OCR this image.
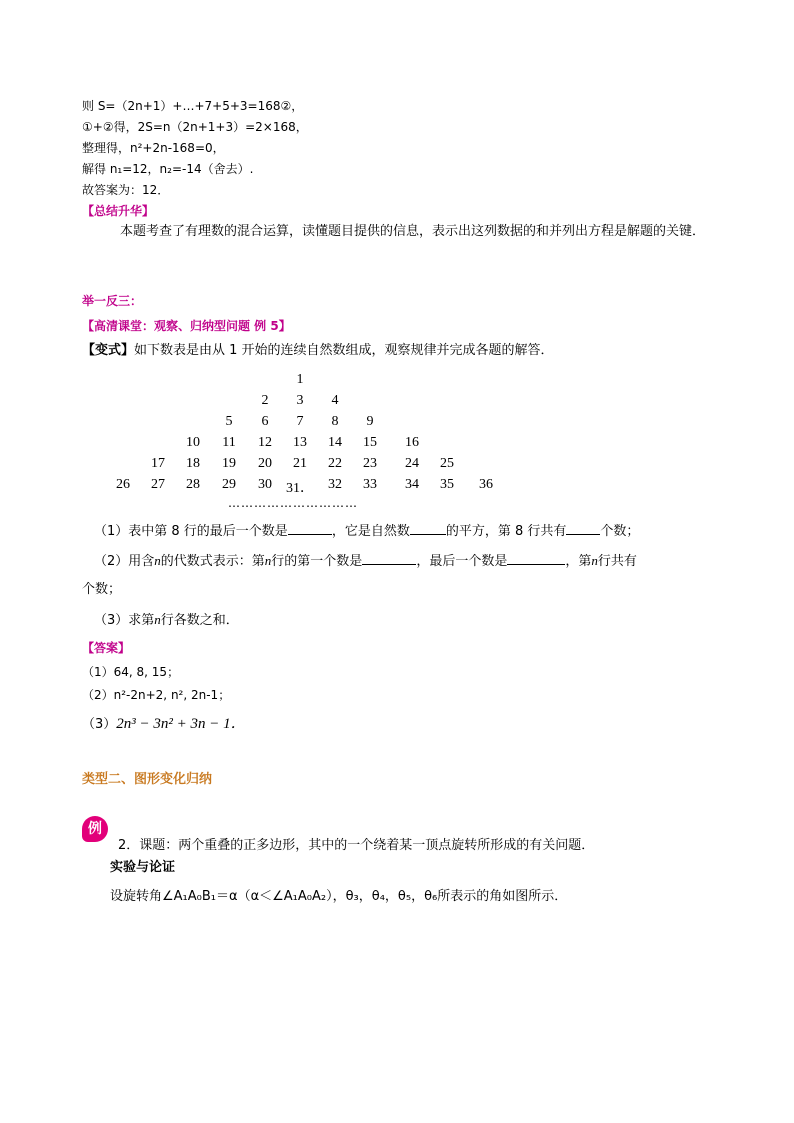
则 S=（2n+1）+…+7+5+3=168②，
①+②得，2S=n（2n+1+3）=2×168，
整理得，n²+2n-168=0，
解得 n₁=12，n₂=-14（舍去）.
故答案为：12．
【总结升华】
本题考查了有理数的混合运算，读懂题目提供的信息，表示出这列数据的和并列出方程是解题的关键．
举一反三：
【高清课堂：观察、归纳型问题 例 5】
【变式】如下数表是由从 1 开始的连续自然数组成，观察规律并完成各题的解答．
1
2	3	4
5	6	7	8	9
10	11	12	13	14	15	16
17	18	19	20	21	22	23	24	25
26	27	28	29	30	31．	32	33	34	35	36
…………………………
（1）表中第 8 行的最后一个数是	，它是自然数	的平方，第 8 行共有	个数；
（2）用含n的代数式表示：第n行的第一个数是	，最后一个数是	，第n行共有
个数；
（3）求第n行各数之和．
【答案】
（1）64, 8, 15；
（2）n²-2n+2, n², 2n-1；
（3）2n³ − 3n² + 3n − 1．
类型二、图形变化归纳
例
2．课题：两个重叠的正多边形，其中的一个绕着某一顶点旋转所形成的有关问题．
实验与论证
设旋转角∠A₁A₀B₁＝α（α＜∠A₁A₀A₂），θ₃，θ₄，θ₅，θ₆所表示的角如图所示．
